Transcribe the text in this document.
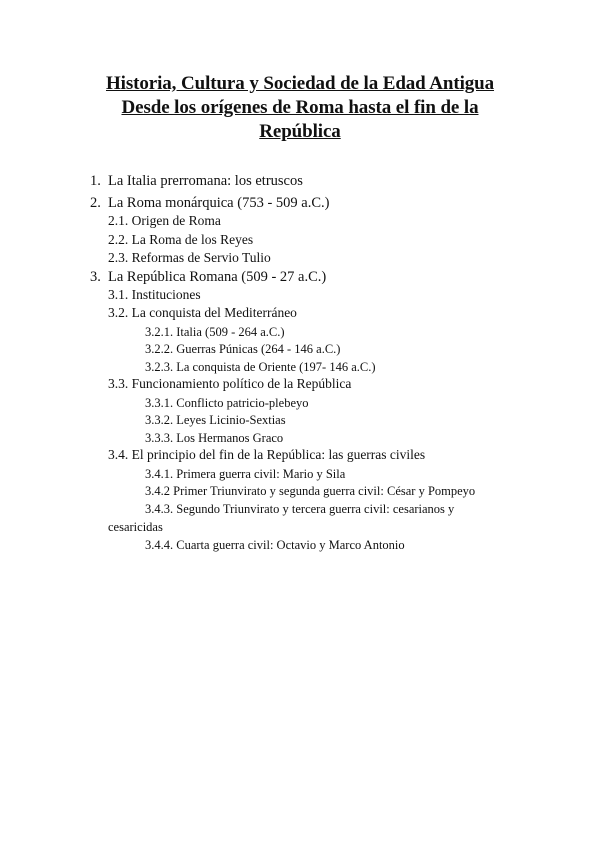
Historia, Cultura y Sociedad de la Edad Antigua
Desde los orígenes de Roma hasta el fin de la
República
1. La Italia prerromana: los etruscos
2. La Roma monárquica (753 - 509 a.C.)
2.1. Origen de Roma
2.2. La Roma de los Reyes
2.3. Reformas de Servio Tulio
3. La República Romana (509 - 27 a.C.)
3.1. Instituciones
3.2. La conquista del Mediterráneo
3.2.1. Italia (509 - 264 a.C.)
3.2.2. Guerras Púnicas (264 - 146 a.C.)
3.2.3. La conquista de Oriente (197- 146 a.C.)
3.3. Funcionamiento político de la República
3.3.1. Conflicto patricio-plebeyo
3.3.2. Leyes Licinio-Sextias
3.3.3. Los Hermanos Graco
3.4. El principio del fin de la República: las guerras civiles
3.4.1. Primera guerra civil: Mario y Sila
3.4.2 Primer Triunvirato y segunda guerra civil: César y Pompeyo
3.4.3. Segundo Triunvirato y tercera guerra civil: cesarianos y
cesaricidas
3.4.4. Cuarta guerra civil: Octavio y Marco Antonio
